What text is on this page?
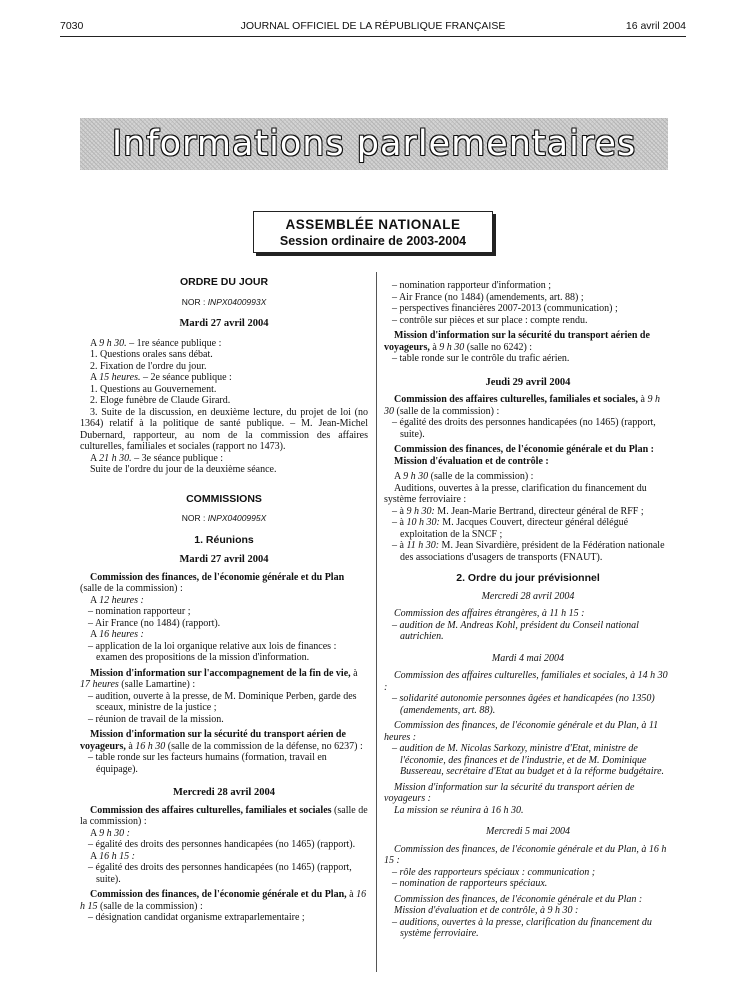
7030	JOURNAL OFFICIEL DE LA RÉPUBLIQUE FRANÇAISE	16 avril 2004
Informations parlementaires
ASSEMBLÉE NATIONALE
Session ordinaire de 2003-2004

ORDRE DU JOUR

NOR : INPX0400993X

Mardi 27 avril 2004

A 9 h 30. – 1re séance publique :

1. Questions orales sans débat.

2. Fixation de l'ordre du jour.

A 15 heures. – 2e séance publique :

1. Questions au Gouvernement.

2. Eloge funèbre de Claude Girard.

3. Suite de la discussion, en deuxième lecture, du projet de loi (no 1364) relatif à la politique de santé publique. – M. Jean-Michel Dubernard, rapporteur, au nom de la commission des affaires culturelles, familiales et sociales (rapport no 1473).

A 21 h 30. – 3e séance publique :

Suite de l'ordre du jour de la deuxième séance.

COMMISSIONS

NOR : INPX0400995X

1. Réunions

Mardi 27 avril 2004

Commission des finances, de l'économie générale et du Plan (salle de la commission) :

A 12 heures :

– nomination rapporteur ;

– Air France (no 1484) (rapport).

A 16 heures :

– application de la loi organique relative aux lois de finances : examen des propositions de la mission d'information.

Mission d'information sur l'accompagnement de la fin de vie, à 17 heures (salle Lamartine) :

– audition, ouverte à la presse, de M. Dominique Perben, garde des sceaux, ministre de la justice ;

– réunion de travail de la mission.

Mission d'information sur la sécurité du transport aérien de voyageurs, à 16 h 30 (salle de la commission de la défense, no 6237) :

– table ronde sur les facteurs humains (formation, travail en équipage).

Mercredi 28 avril 2004

Commission des affaires culturelles, familiales et sociales (salle de la commission) :

A 9 h 30 :

– égalité des droits des personnes handicapées (no 1465) (rapport).

A 16 h 15 :

– égalité des droits des personnes handicapées (no 1465) (rapport, suite).

Commission des finances, de l'économie générale et du Plan, à 16 h 15 (salle de la commission) :

– désignation candidat organisme extraparlementaire ;

– nomination rapporteur d'information ;

– Air France (no 1484) (amendements, art. 88) ;

– perspectives financières 2007-2013 (communication) ;

– contrôle sur pièces et sur place : compte rendu.

Mission d'information sur la sécurité du transport aérien de voyageurs, à 9 h 30 (salle no 6242) :

– table ronde sur le contrôle du trafic aérien.

Jeudi 29 avril 2004

Commission des affaires culturelles, familiales et sociales, à 9 h 30 (salle de la commission) :

– égalité des droits des personnes handicapées (no 1465) (rapport, suite).

Commission des finances, de l'économie générale et du Plan :

Mission d'évaluation et de contrôle :

A 9 h 30 (salle de la commission) :

Auditions, ouvertes à la presse, clarification du financement du système ferroviaire :

– à 9 h 30: M. Jean-Marie Bertrand, directeur général de RFF ;

– à 10 h 30: M. Jacques Couvert, directeur général délégué exploitation de la SNCF ;

– à 11 h 30: M. Jean Sivardière, président de la Fédération nationale des associations d'usagers de transports (FNAUT).

2. Ordre du jour prévisionnel

Mercredi 28 avril 2004

Commission des affaires étrangères, à 11 h 15 :

– audition de M. Andreas Kohl, président du Conseil national autrichien.

Mardi 4 mai 2004

Commission des affaires culturelles, familiales et sociales, à 14 h 30 :

– solidarité autonomie personnes âgées et handicapées (no 1350) (amendements, art. 88).

Commission des finances, de l'économie générale et du Plan, à 11 heures :

– audition de M. Nicolas Sarkozy, ministre d'Etat, ministre de l'économie, des finances et de l'industrie, et de M. Dominique Bussereau, secrétaire d'Etat au budget et à la réforme budgétaire.

Mission d'information sur la sécurité du transport aérien de voyageurs :

La mission se réunira à 16 h 30.

Mercredi 5 mai 2004

Commission des finances, de l'économie générale et du Plan, à 16 h 15 :

– rôle des rapporteurs spéciaux : communication ;

– nomination de rapporteurs spéciaux.

Commission des finances, de l'économie générale et du Plan :

Mission d'évaluation et de contrôle, à 9 h 30 :

– auditions, ouvertes à la presse, clarification du financement du système ferroviaire.
